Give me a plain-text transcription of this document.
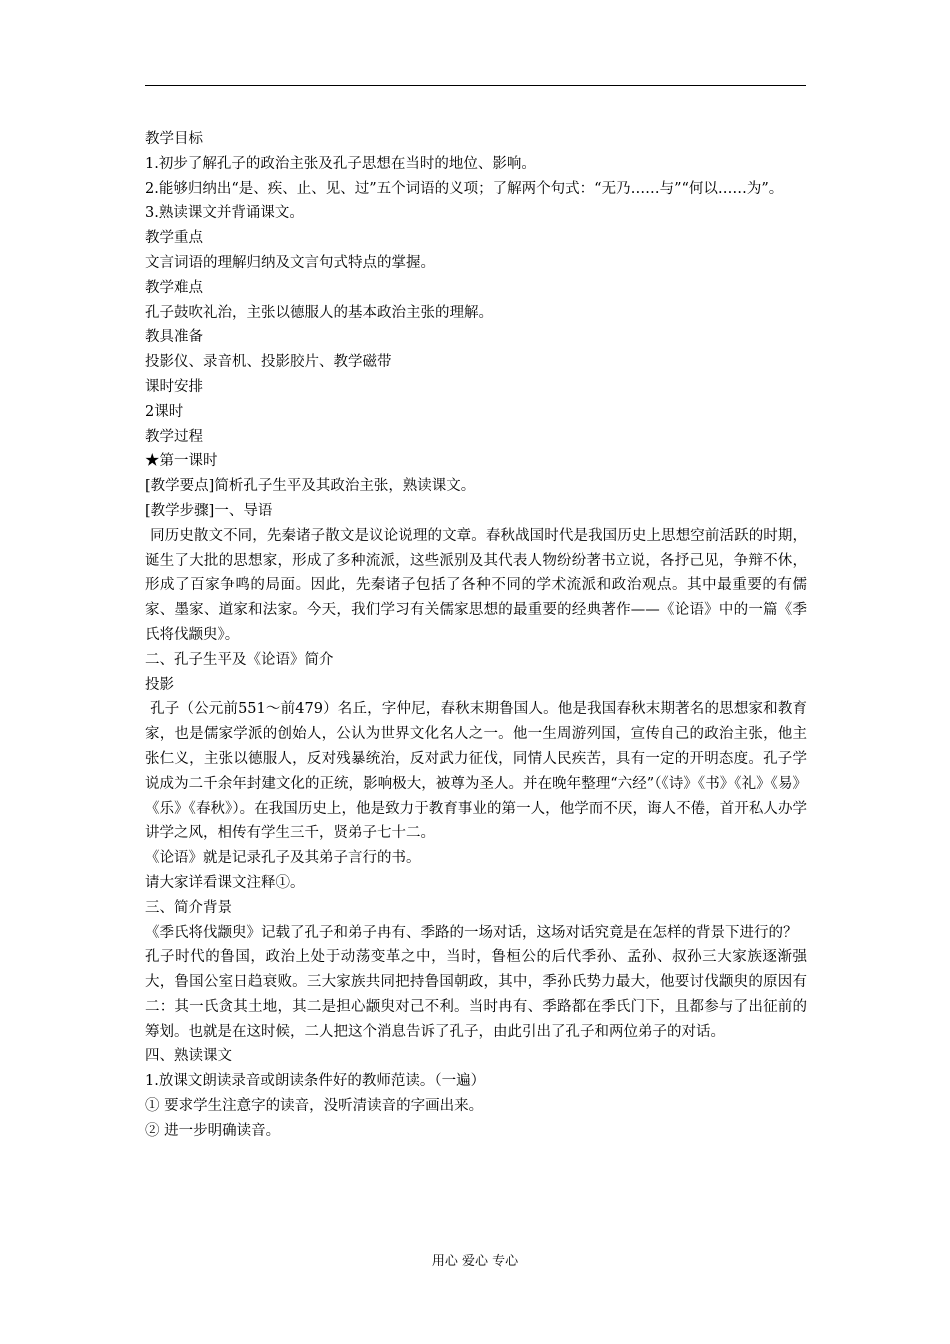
教学目标

1.初步了解孔子的政治主张及孔子思想在当时的地位、影响。

2.能够归纳出“是、疾、止、见、过”五个词语的义项；了解两个句式：“无乃……与”“何以……为”。

3.熟读课文并背诵课文。

教学重点

文言词语的理解归纳及文言句式特点的掌握。

教学难点

孔子鼓吹礼治，主张以德服人的基本政治主张的理解。

教具准备

投影仪、录音机、投影胶片、教学磁带

课时安排

2课时

教学过程

★第一课时

[教学要点]简析孔子生平及其政治主张，熟读课文。

[教学步骤]一、导语

同历史散文不同，先秦诸子散文是议论说理的文章。春秋战国时代是我国历史上思想空前活跃的时期，诞生了大批的思想家，形成了多种流派，这些派别及其代表人物纷纷著书立说，各抒己见，争辩不休，形成了百家争鸣的局面。因此，先秦诸子包括了各种不同的学术流派和政治观点。其中最重要的有儒家、墨家、道家和法家。今天，我们学习有关儒家思想的最重要的经典著作——《论语》中的一篇《季氏将伐颛臾》。

二、孔子生平及《论语》简介

投影

孔子（公元前551～前479）名丘，字仲尼，春秋末期鲁国人。他是我国春秋末期著名的思想家和教育家，也是儒家学派的创始人，公认为世界文化名人之一。他一生周游列国，宣传自己的政治主张，他主张仁义，主张以德服人，反对残暴统治，反对武力征伐，同情人民疾苦，具有一定的开明态度。孔子学说成为二千余年封建文化的正统，影响极大，被尊为圣人。并在晚年整理“六经”（《诗》《书》《礼》《易》《乐》《春秋》）。在我国历史上，他是致力于教育事业的第一人，他学而不厌，诲人不倦，首开私人办学讲学之风，相传有学生三千，贤弟子七十二。

《论语》就是记录孔子及其弟子言行的书。

请大家详看课文注释①。

三、简介背景

《季氏将伐颛臾》记载了孔子和弟子冉有、季路的一场对话，这场对话究竟是在怎样的背景下进行的？

孔子时代的鲁国，政治上处于动荡变革之中，当时，鲁桓公的后代季孙、孟孙、叔孙三大家族逐渐强大，鲁国公室日趋衰败。三大家族共同把持鲁国朝政，其中，季孙氏势力最大，他要讨伐颛臾的原因有二：其一氏贪其土地，其二是担心颛臾对己不利。当时冉有、季路都在季氏门下，且都参与了出征前的筹划。也就是在这时候，二人把这个消息告诉了孔子，由此引出了孔子和两位弟子的对话。

四、熟读课文

1.放课文朗读录音或朗读条件好的教师范读。（一遍）

① 要求学生注意字的读音，没听清读音的字画出来。

② 进一步明确读音。

用心 爱心 专心
